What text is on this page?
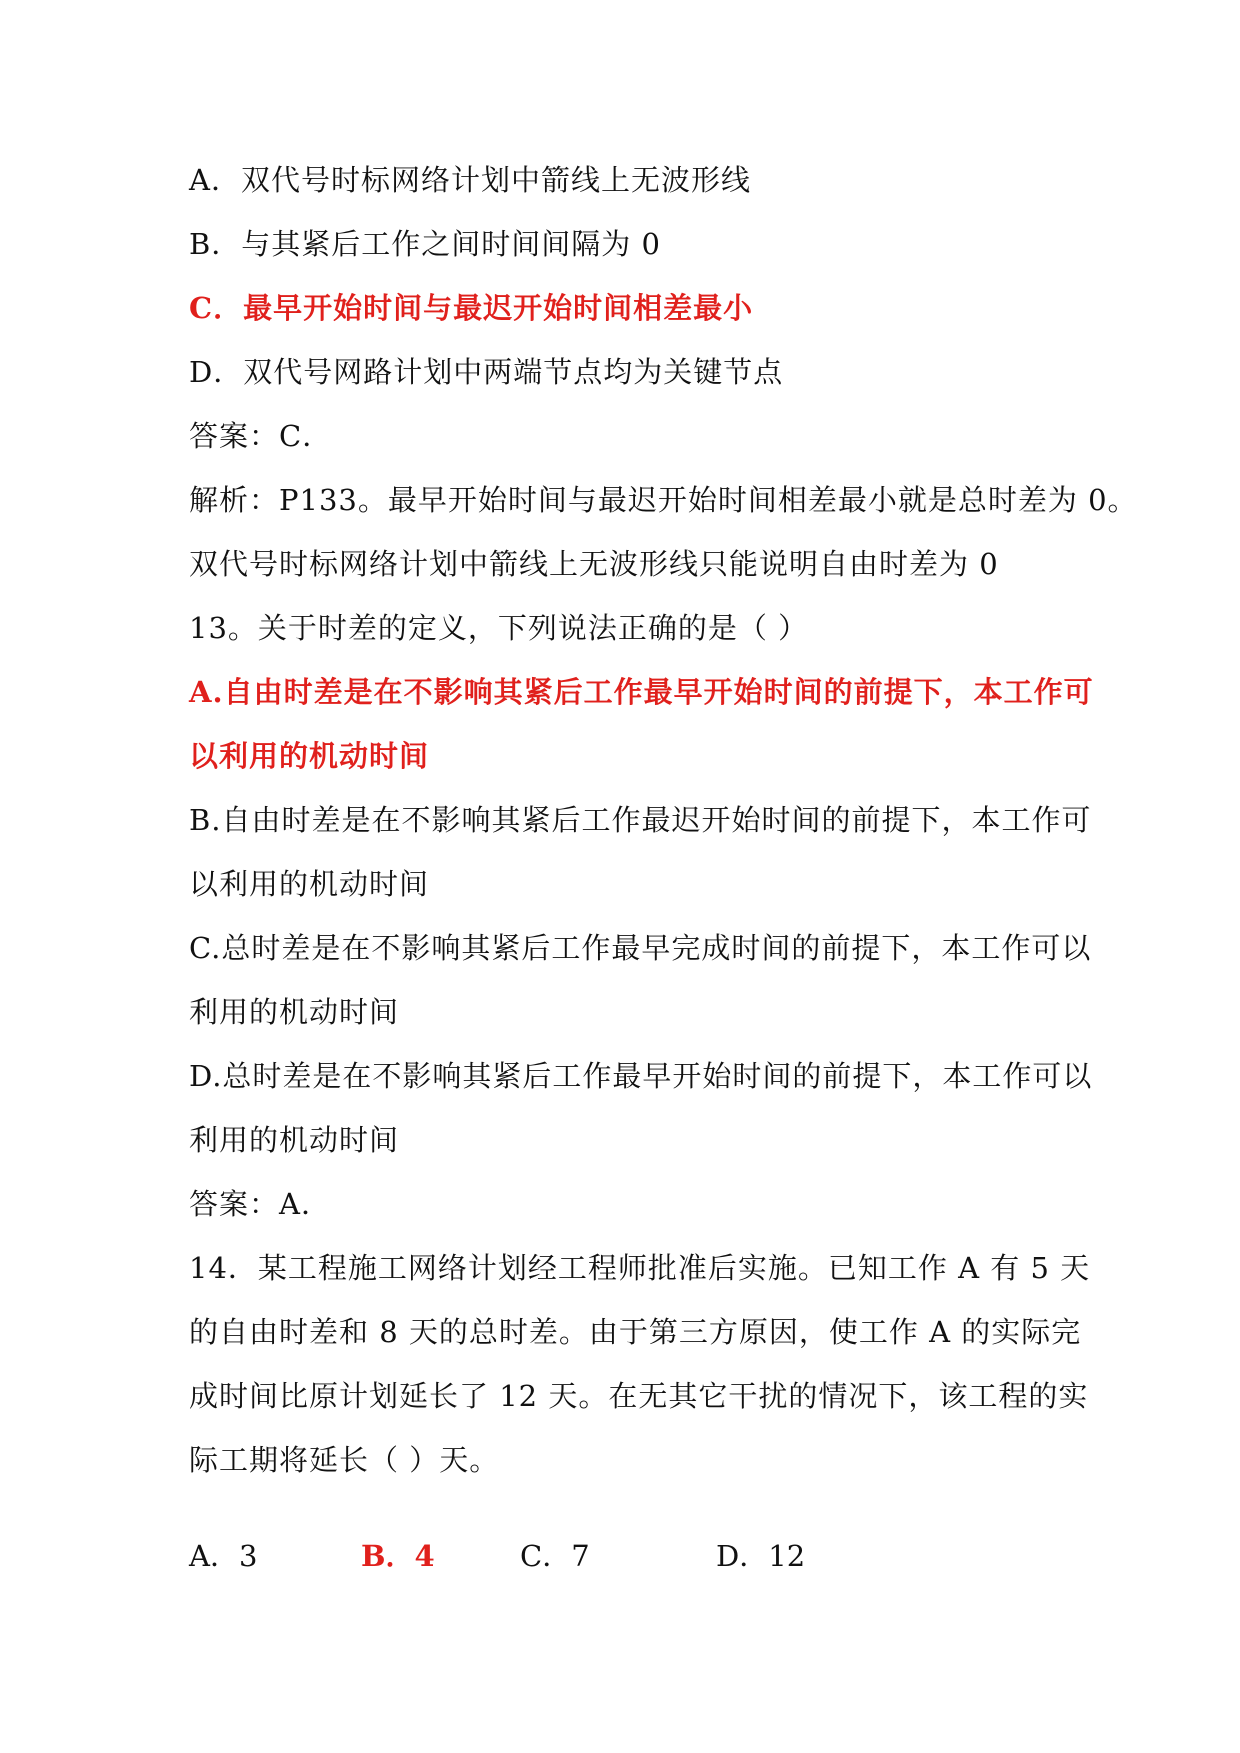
A．双代号时标网络计划中箭线上无波形线
B．与其紧后工作之间时间间隔为 0
C．最早开始时间与最迟开始时间相差最小
D．双代号网路计划中两端节点均为关键节点
答案：C．
解析：P133。最早开始时间与最迟开始时间相差最小就是总时差为 0。
双代号时标网络计划中箭线上无波形线只能说明自由时差为 0
13。关于时差的定义，下列说法正确的是（ ）
A.自由时差是在不影响其紧后工作最早开始时间的前提下，本工作可
以利用的机动时间
B.自由时差是在不影响其紧后工作最迟开始时间的前提下，本工作可
以利用的机动时间
C.总时差是在不影响其紧后工作最早完成时间的前提下，本工作可以
利用的机动时间
D.总时差是在不影响其紧后工作最早开始时间的前提下，本工作可以
利用的机动时间
答案：A．
14．某工程施工网络计划经工程师批准后实施。已知工作 A 有 5 天
的自由时差和 8 天的总时差。由于第三方原因，使工作 A 的实际完
成时间比原计划延长了 12 天。在无其它干扰的情况下，该工程的实
际工期将延长（ ）天。
A．3	B．4	C．7	D．12
